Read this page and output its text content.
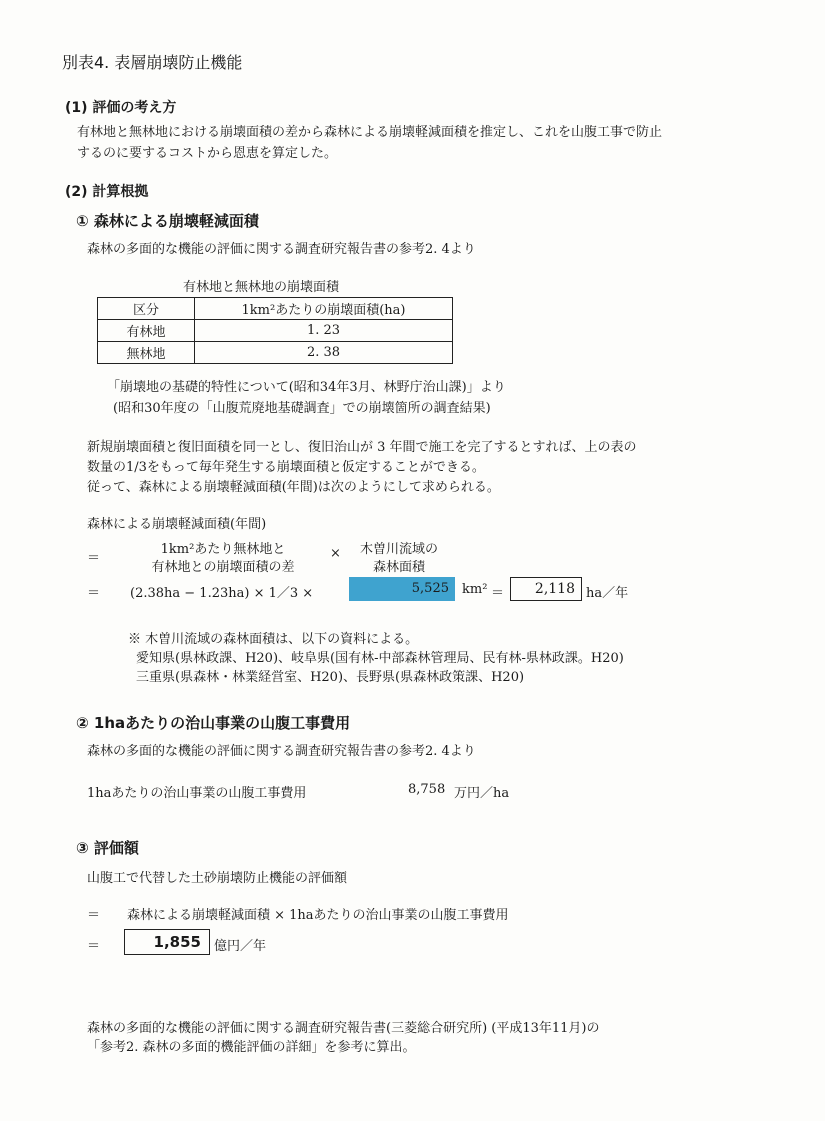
別表4. 表層崩壊防止機能
(1) 評価の考え方
有林地と無林地における崩壊面積の差から森林による崩壊軽減面積を推定し、これを山腹工事で防止
するのに要するコストから恩恵を算定した。
(2) 計算根拠
① 森林による崩壊軽減面積
森林の多面的な機能の評価に関する調査研究報告書の参考2. 4より
有林地と無林地の崩壊面積
区分	1km²あたりの崩壊面積(ha)
有林地	1. 23
無林地	2. 38
「崩壊地の基礎的特性について(昭和34年3月、林野庁治山課)」より
(昭和30年度の「山腹荒廃地基礎調査」での崩壊箇所の調査結果)
新規崩壊面積と復旧面積を同一とし、復旧治山が 3 年間で施工を完了するとすれば、上の表の
数量の1/3をもって毎年発生する崩壊面積と仮定することができる。
従って、森林による崩壊軽減面積(年間)は次のようにして求められる。
森林による崩壊軽減面積(年間)
＝
1km²あたり無林地と
有林地との崩壊面積の差
×	木曽川流域の
森林面積
＝ (2.38ha − 1.23ha) × 1／3 ×	5,525	km² ＝	2,118 ha／年
※ 木曽川流域の森林面積は、以下の資料による。
愛知県(県林政課、H20)、岐阜県(国有林-中部森林管理局、民有林-県林政課。H20)
三重県(県森林・林業経営室、H20)、長野県(県森林政策課、H20)
② 1haあたりの治山事業の山腹工事費用
森林の多面的な機能の評価に関する調査研究報告書の参考2. 4より
1haあたりの治山事業の山腹工事費用	8,758 万円／ha
③ 評価額
山腹工で代替した土砂崩壊防止機能の評価額
＝ 森林による崩壊軽減面積 × 1haあたりの治山事業の山腹工事費用
＝	1,855	億円／年
森林の多面的な機能の評価に関する調査研究報告書(三菱総合研究所) (平成13年11月)の
「参考2. 森林の多面的機能評価の詳細」を参考に算出。
